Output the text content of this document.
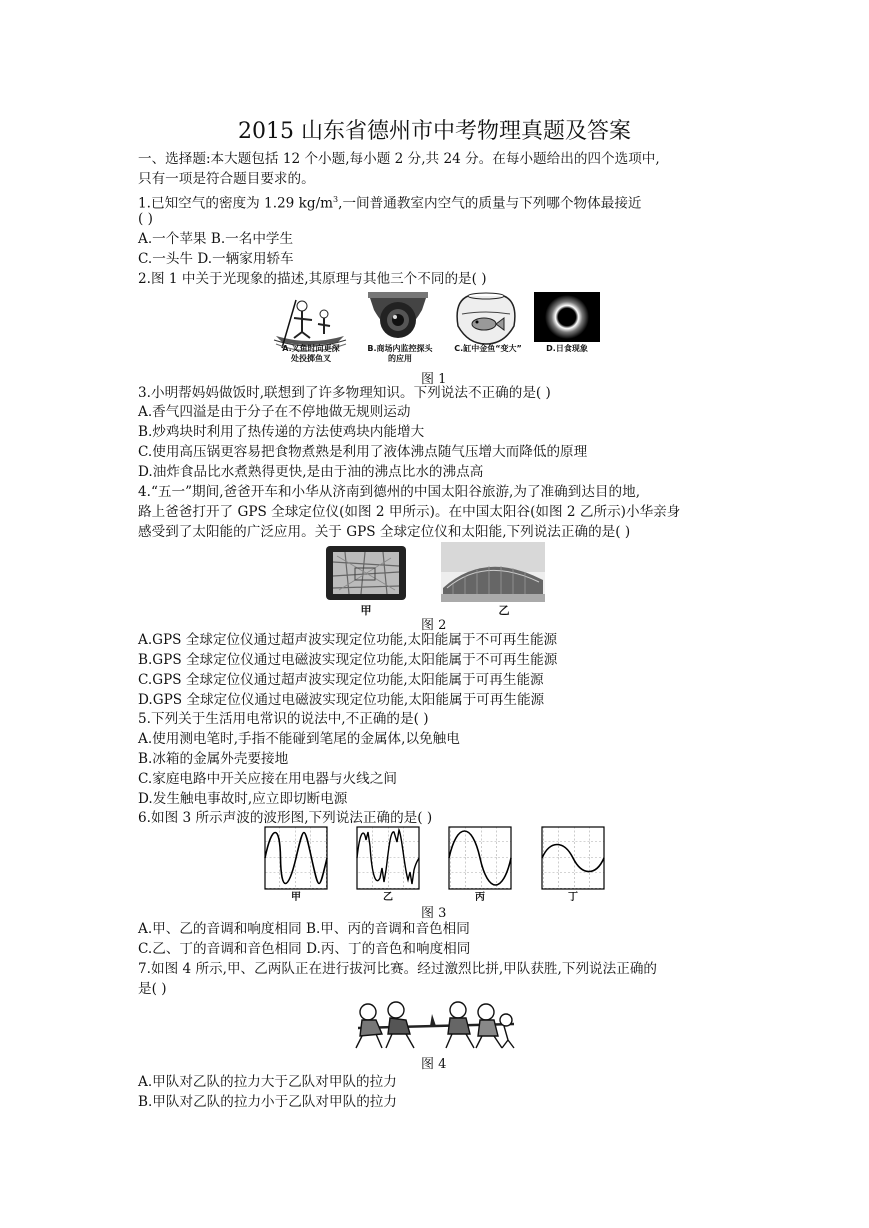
2015 山东省德州市中考物理真题及答案

一、选择题:本大题包括 12 个小题,每小题 2 分,共 24 分。在每小题给出的四个选项中,

只有一项是符合题目要求的。

1.已知空气的密度为 1.29 $kg/m^3$,一间普通教室内空气的质量与下列哪个物体最接近

( )

A.一个苹果 B.一名中学生

C.一头牛 D.一辆家用轿车

2.图 1 中关于光现象的描述,其原理与其他三个不同的是( )

A.叉鱼时向更深
处投掷鱼叉
B.商场内监控探头
的应用
C.缸中金鱼“变大”	D.日食现象
图 1

3.小明帮妈妈做饭时,联想到了许多物理知识。下列说法不正确的是( )

A.香气四溢是由于分子在不停地做无规则运动

B.炒鸡块时利用了热传递的方法使鸡块内能增大

C.使用高压锅更容易把食物煮熟是利用了液体沸点随气压增大而降低的原理

D.油炸食品比水煮熟得更快,是由于油的沸点比水的沸点高

4.“五一”期间,爸爸开车和小华从济南到德州的中国太阳谷旅游,为了准确到达目的地,

路上爸爸打开了 GPS 全球定位仪(如图 2 甲所示)。在中国太阳谷(如图 2 乙所示)小华亲身

感受到了太阳能的广泛应用。关于 GPS 全球定位仪和太阳能,下列说法正确的是( )

甲	乙
图 2

A.GPS 全球定位仪通过超声波实现定位功能,太阳能属于不可再生能源

B.GPS 全球定位仪通过电磁波实现定位功能,太阳能属于不可再生能源

C.GPS 全球定位仪通过超声波实现定位功能,太阳能属于可再生能源

D.GPS 全球定位仪通过电磁波实现定位功能,太阳能属于可再生能源

5.下列关于生活用电常识的说法中,不正确的是( )

A.使用测电笔时,手指不能碰到笔尾的金属体,以免触电

B.冰箱的金属外壳要接地

C.家庭电路中开关应接在用电器与火线之间

D.发生触电事故时,应立即切断电源

6.如图 3 所示声波的波形图,下列说法正确的是( )

甲	乙	丙	丁
图 3

A.甲、乙的音调和响度相同 B.甲、丙的音调和音色相同

C.乙、丁的音调和音色相同 D.丙、丁的音色和响度相同

7.如图 4 所示,甲、乙两队正在进行拔河比赛。经过激烈比拼,甲队获胜,下列说法正确的

是( )

图 4

A.甲队对乙队的拉力大于乙队对甲队的拉力

B.甲队对乙队的拉力小于乙队对甲队的拉力
